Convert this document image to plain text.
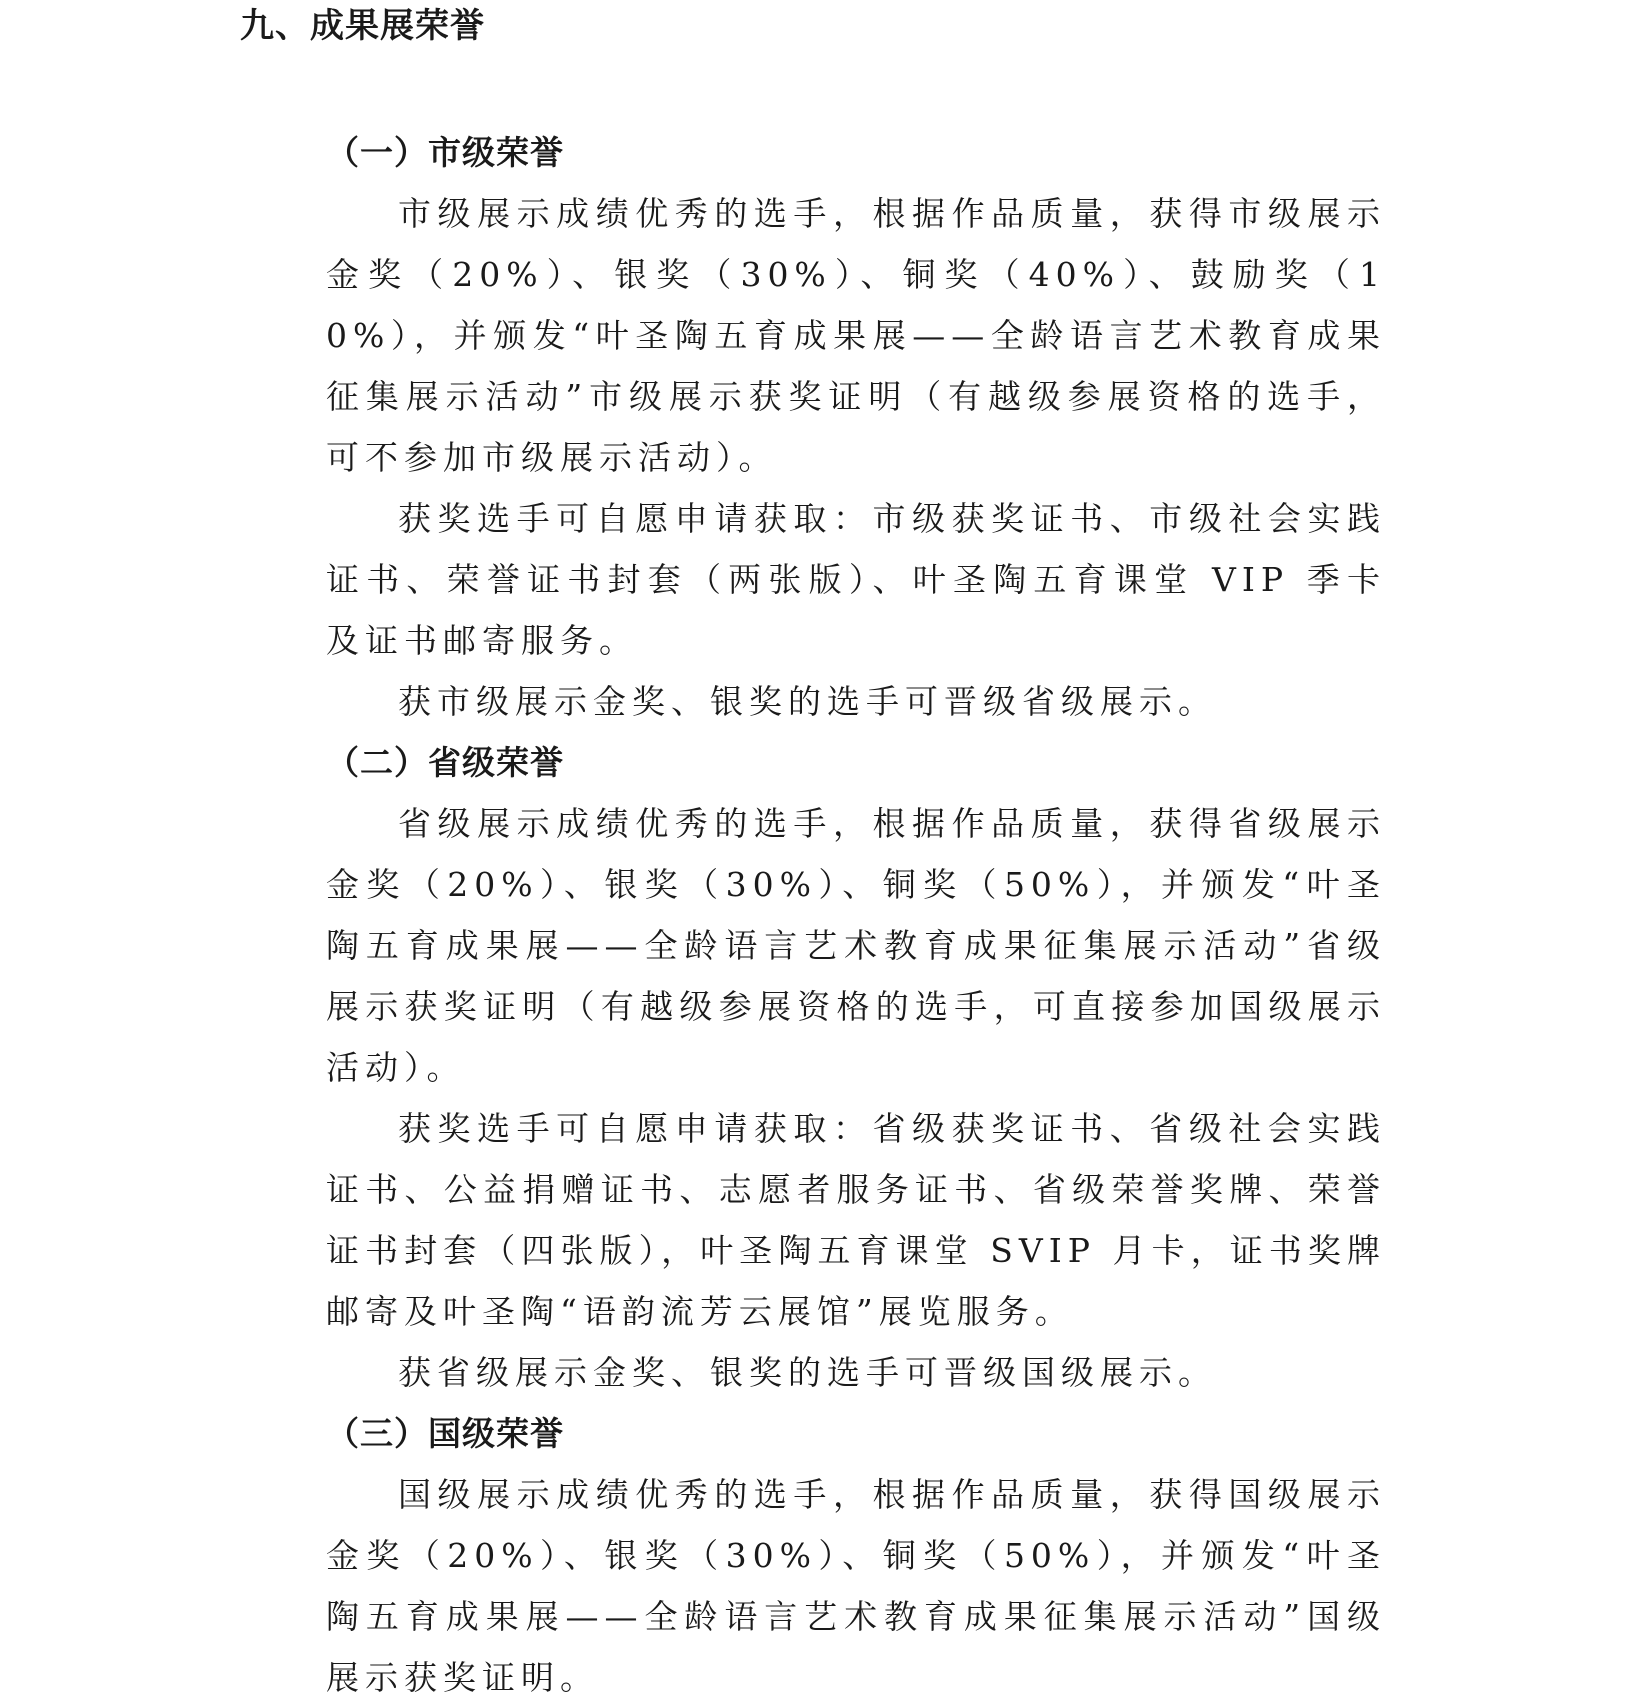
九、成果展荣誉
（一）市级荣誉

市级展示成绩优秀的选手，根据作品质量，获得市级展示金奖（20%）、银奖（30%）、铜奖（40%）、鼓励奖（10%），并颁发“叶圣陶五育成果展——全龄语言艺术教育成果征集展示活动”市级展示获奖证明（有越级参展资格的选手，可不参加市级展示活动）。

获奖选手可自愿申请获取：市级获奖证书、市级社会实践证书、荣誉证书封套（两张版）、叶圣陶五育课堂 VIP 季卡及证书邮寄服务。

获市级展示金奖、银奖的选手可晋级省级展示。

（二）省级荣誉

省级展示成绩优秀的选手，根据作品质量，获得省级展示金奖（20%）、银奖（30%）、铜奖（50%），并颁发“叶圣陶五育成果展——全龄语言艺术教育成果征集展示活动”省级展示获奖证明（有越级参展资格的选手，可直接参加国级展示活动）。

获奖选手可自愿申请获取：省级获奖证书、省级社会实践证书、公益捐赠证书、志愿者服务证书、省级荣誉奖牌、荣誉证书封套（四张版），叶圣陶五育课堂 SVIP 月卡，证书奖牌邮寄及叶圣陶“语韵流芳云展馆”展览服务。

获省级展示金奖、银奖的选手可晋级国级展示。

（三）国级荣誉

国级展示成绩优秀的选手，根据作品质量，获得国级展示金奖（20%）、银奖（30%）、铜奖（50%），并颁发“叶圣陶五育成果展——全龄语言艺术教育成果征集展示活动”国级展示获奖证明。
